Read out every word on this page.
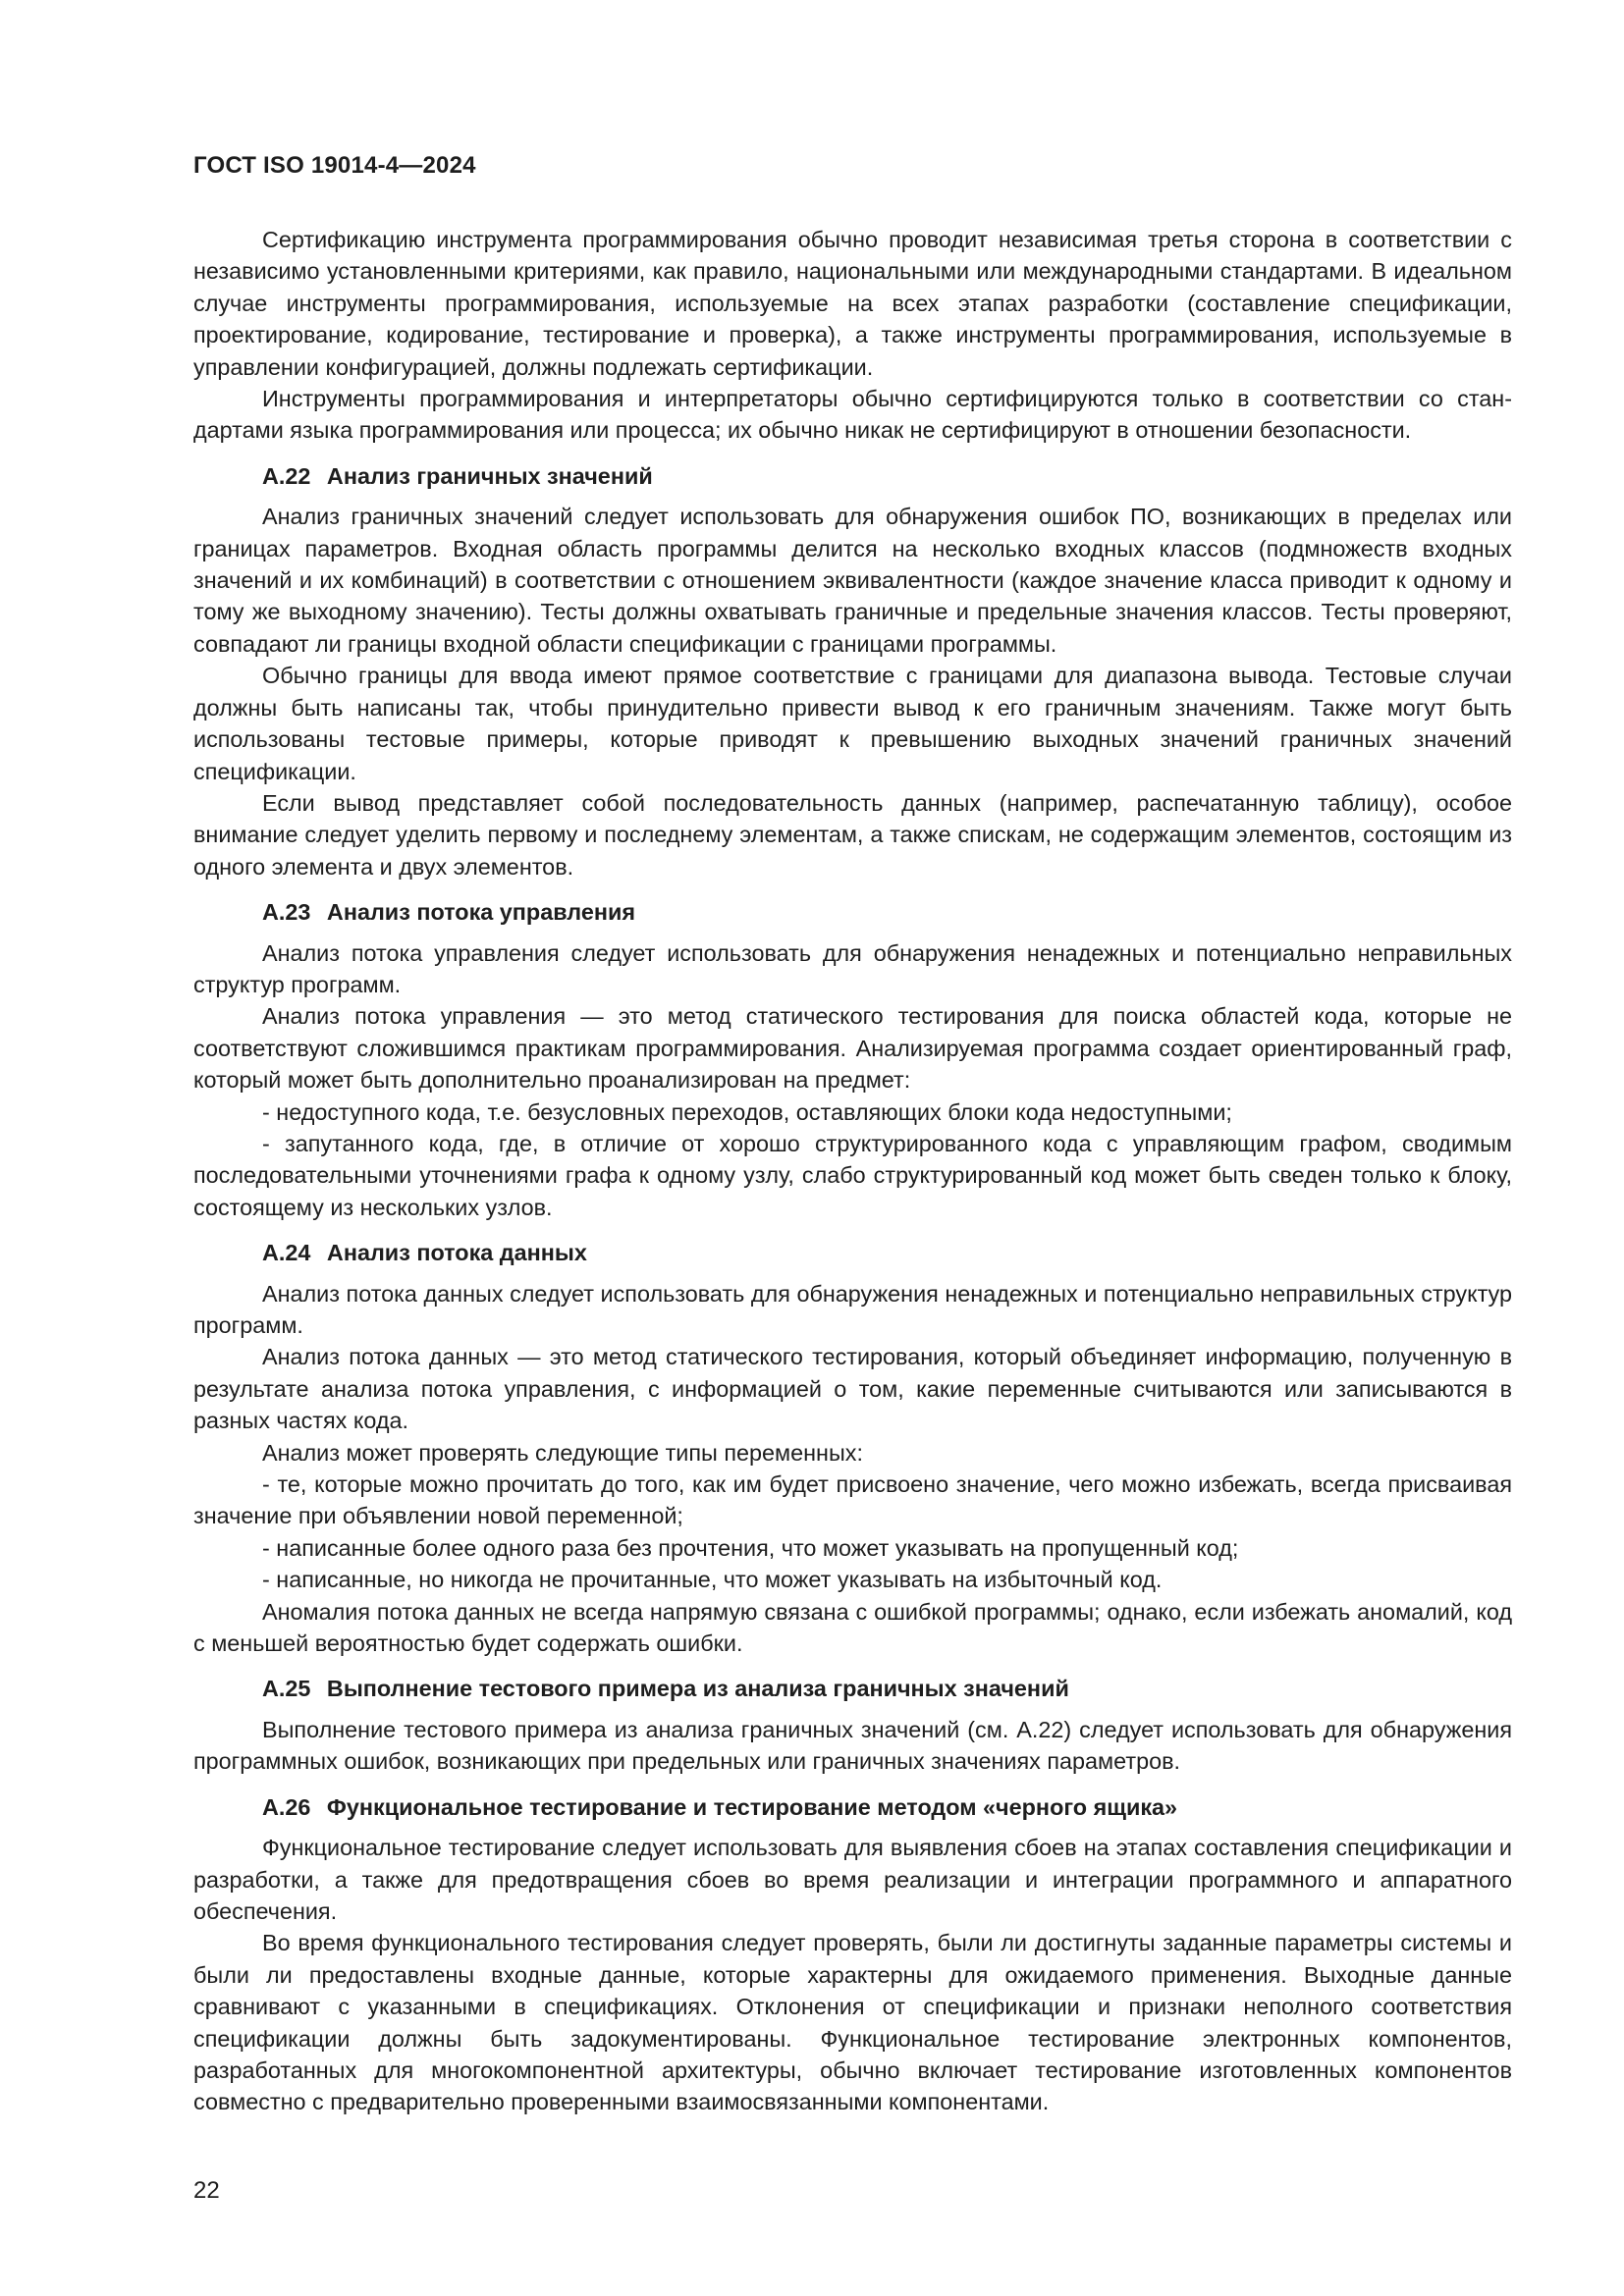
ГОСТ ISO 19014-4—2024

Сертификацию инструмента программирования обычно проводит независимая третья сторона в соответствии с независимо установленными критериями, как правило, национальными или международными стандартами. В идеальном случае инструменты программирования, используемые на всех этапах разработки (составление спецификации, проектирование, кодирование, тестирование и проверка), а также инструменты программирования, используемые в управлении конфигурацией, должны подлежать сертификации.

Инструменты программирования и интерпретаторы обычно сертифицируются только в соответствии со стандартами языка программирования или процесса; их обычно никак не сертифицируют в отношении безопасности.

А.22 Анализ граничных значений

Анализ граничных значений следует использовать для обнаружения ошибок ПО, возникающих в пределах или границах параметров. Входная область программы делится на несколько входных классов (подмножеств входных значений и их комбинаций) в соответствии с отношением эквивалентности (каждое значение класса приводит к одному и тому же выходному значению). Тесты должны охватывать граничные и предельные значения классов. Тесты проверяют, совпадают ли границы входной области спецификации с границами программы.

Обычно границы для ввода имеют прямое соответствие с границами для диапазона вывода. Тестовые случаи должны быть написаны так, чтобы принудительно привести вывод к его граничным значениям. Также могут быть использованы тестовые примеры, которые приводят к превышению выходных значений граничных значений спецификации.

Если вывод представляет собой последовательность данных (например, распечатанную таблицу), особое внимание следует уделить первому и последнему элементам, а также спискам, не содержащим элементов, состоящим из одного элемента и двух элементов.

А.23 Анализ потока управления

Анализ потока управления следует использовать для обнаружения ненадежных и потенциально неправильных структур программ.

Анализ потока управления — это метод статического тестирования для поиска областей кода, которые не соответствуют сложившимся практикам программирования. Анализируемая программа создает ориентированный граф, который может быть дополнительно проанализирован на предмет:

- недоступного кода, т.е. безусловных переходов, оставляющих блоки кода недоступными;

- запутанного кода, где, в отличие от хорошо структурированного кода с управляющим графом, сводимым последовательными уточнениями графа к одному узлу, слабо структурированный код может быть сведен только к блоку, состоящему из нескольких узлов.

А.24 Анализ потока данных

Анализ потока данных следует использовать для обнаружения ненадежных и потенциально неправильных структур программ.

Анализ потока данных — это метод статического тестирования, который объединяет информацию, полученную в результате анализа потока управления, с информацией о том, какие переменные считываются или записываются в разных частях кода.

Анализ может проверять следующие типы переменных:

- те, которые можно прочитать до того, как им будет присвоено значение, чего можно избежать, всегда присваивая значение при объявлении новой переменной;

- написанные более одного раза без прочтения, что может указывать на пропущенный код;

- написанные, но никогда не прочитанные, что может указывать на избыточный код.

Аномалия потока данных не всегда напрямую связана с ошибкой программы; однако, если избежать аномалий, код с меньшей вероятностью будет содержать ошибки.

А.25 Выполнение тестового примера из анализа граничных значений

Выполнение тестового примера из анализа граничных значений (см. А.22) следует использовать для обнаружения программных ошибок, возникающих при предельных или граничных значениях параметров.

А.26 Функциональное тестирование и тестирование методом «черного ящика»

Функциональное тестирование следует использовать для выявления сбоев на этапах составления спецификации и разработки, а также для предотвращения сбоев во время реализации и интеграции программного и аппаратного обеспечения.

Во время функционального тестирования следует проверять, были ли достигнуты заданные параметры системы и были ли предоставлены входные данные, которые характерны для ожидаемого применения. Выходные данные сравнивают с указанными в спецификациях. Отклонения от спецификации и признаки неполного соответствия спецификации должны быть задокументированы. Функциональное тестирование электронных компонентов, разработанных для многокомпонентной архитектуры, обычно включает тестирование изготовленных компонентов совместно с предварительно проверенными взаимосвязанными компонентами.

22
